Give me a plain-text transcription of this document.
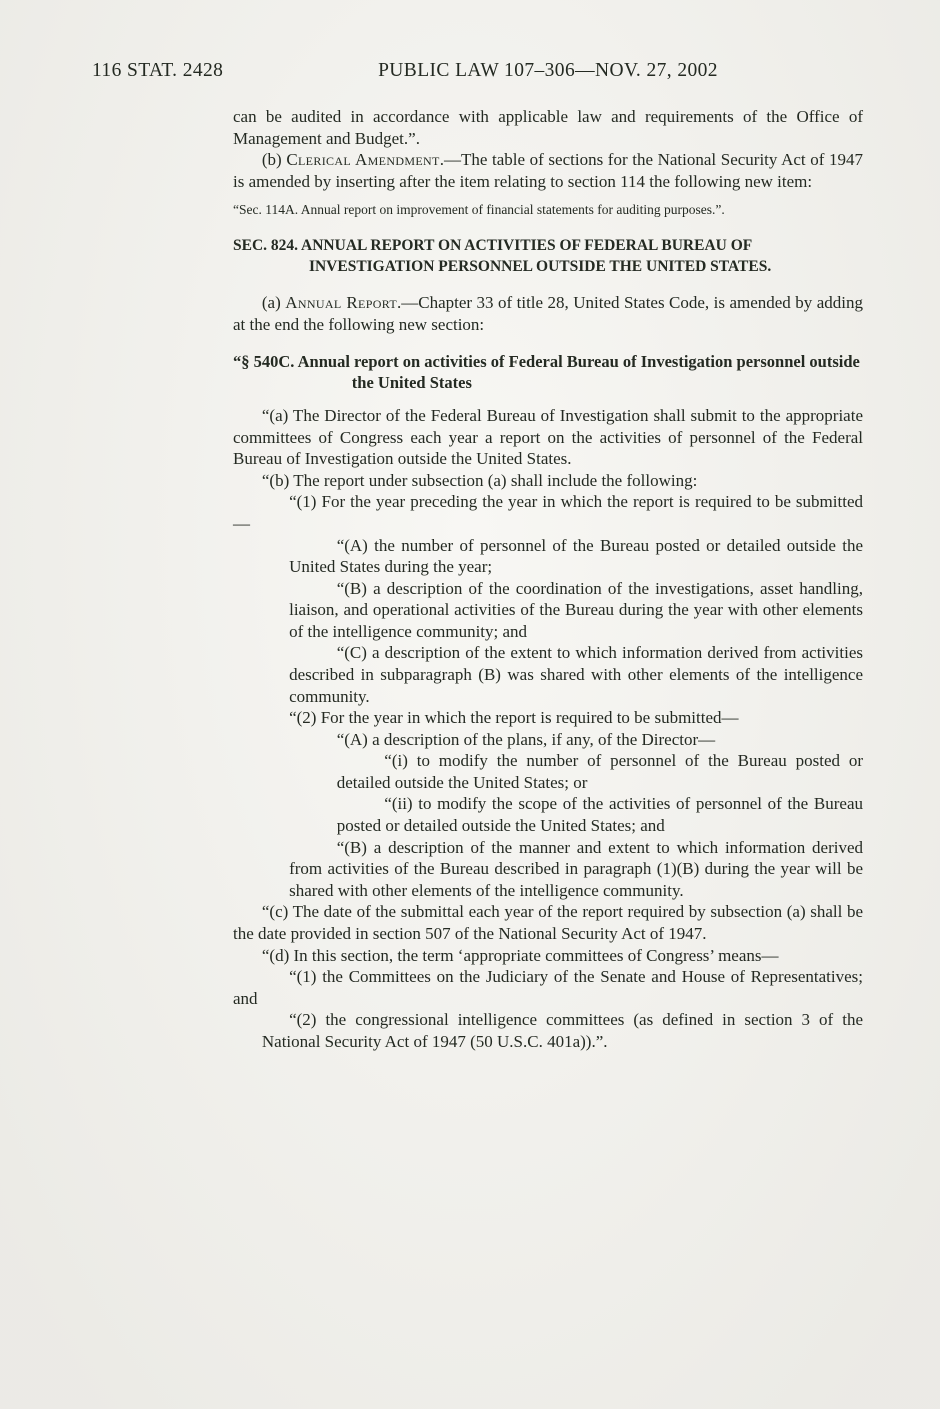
116 STAT. 2428	PUBLIC LAW 107–306—NOV. 27, 2002

can be audited in accordance with applicable law and requirements of the Office of Management and Budget.”.

(b) Clerical Amendment.—The table of sections for the National Security Act of 1947 is amended by inserting after the item relating to section 114 the following new item:

“Sec. 114A. Annual report on improvement of financial statements for auditing purposes.”.

SEC. 824. ANNUAL REPORT ON ACTIVITIES OF FEDERAL BUREAU OF INVESTIGATION PERSONNEL OUTSIDE THE UNITED STATES.

(a) Annual Report.—Chapter 33 of title 28, United States Code, is amended by adding at the end the following new section:

“§ 540C. Annual report on activities of Federal Bureau of Investigation personnel outside the United States

“(a) The Director of the Federal Bureau of Investigation shall submit to the appropriate committees of Congress each year a report on the activities of personnel of the Federal Bureau of Investigation outside the United States.

“(b) The report under subsection (a) shall include the following:

“(1) For the year preceding the year in which the report is required to be submitted—

“(A) the number of personnel of the Bureau posted or detailed outside the United States during the year;

“(B) a description of the coordination of the investigations, asset handling, liaison, and operational activities of the Bureau during the year with other elements of the intelligence community; and

“(C) a description of the extent to which information derived from activities described in subparagraph (B) was shared with other elements of the intelligence community.

“(2) For the year in which the report is required to be submitted—

“(A) a description of the plans, if any, of the Director—

“(i) to modify the number of personnel of the Bureau posted or detailed outside the United States; or

“(ii) to modify the scope of the activities of personnel of the Bureau posted or detailed outside the United States; and

“(B) a description of the manner and extent to which information derived from activities of the Bureau described in paragraph (1)(B) during the year will be shared with other elements of the intelligence community.

“(c) The date of the submittal each year of the report required by subsection (a) shall be the date provided in section 507 of the National Security Act of 1947.

“(d) In this section, the term ‘appropriate committees of Congress’ means—

“(1) the Committees on the Judiciary of the Senate and House of Representatives; and

“(2) the congressional intelligence committees (as defined in section 3 of the National Security Act of 1947 (50 U.S.C. 401a)).”.
